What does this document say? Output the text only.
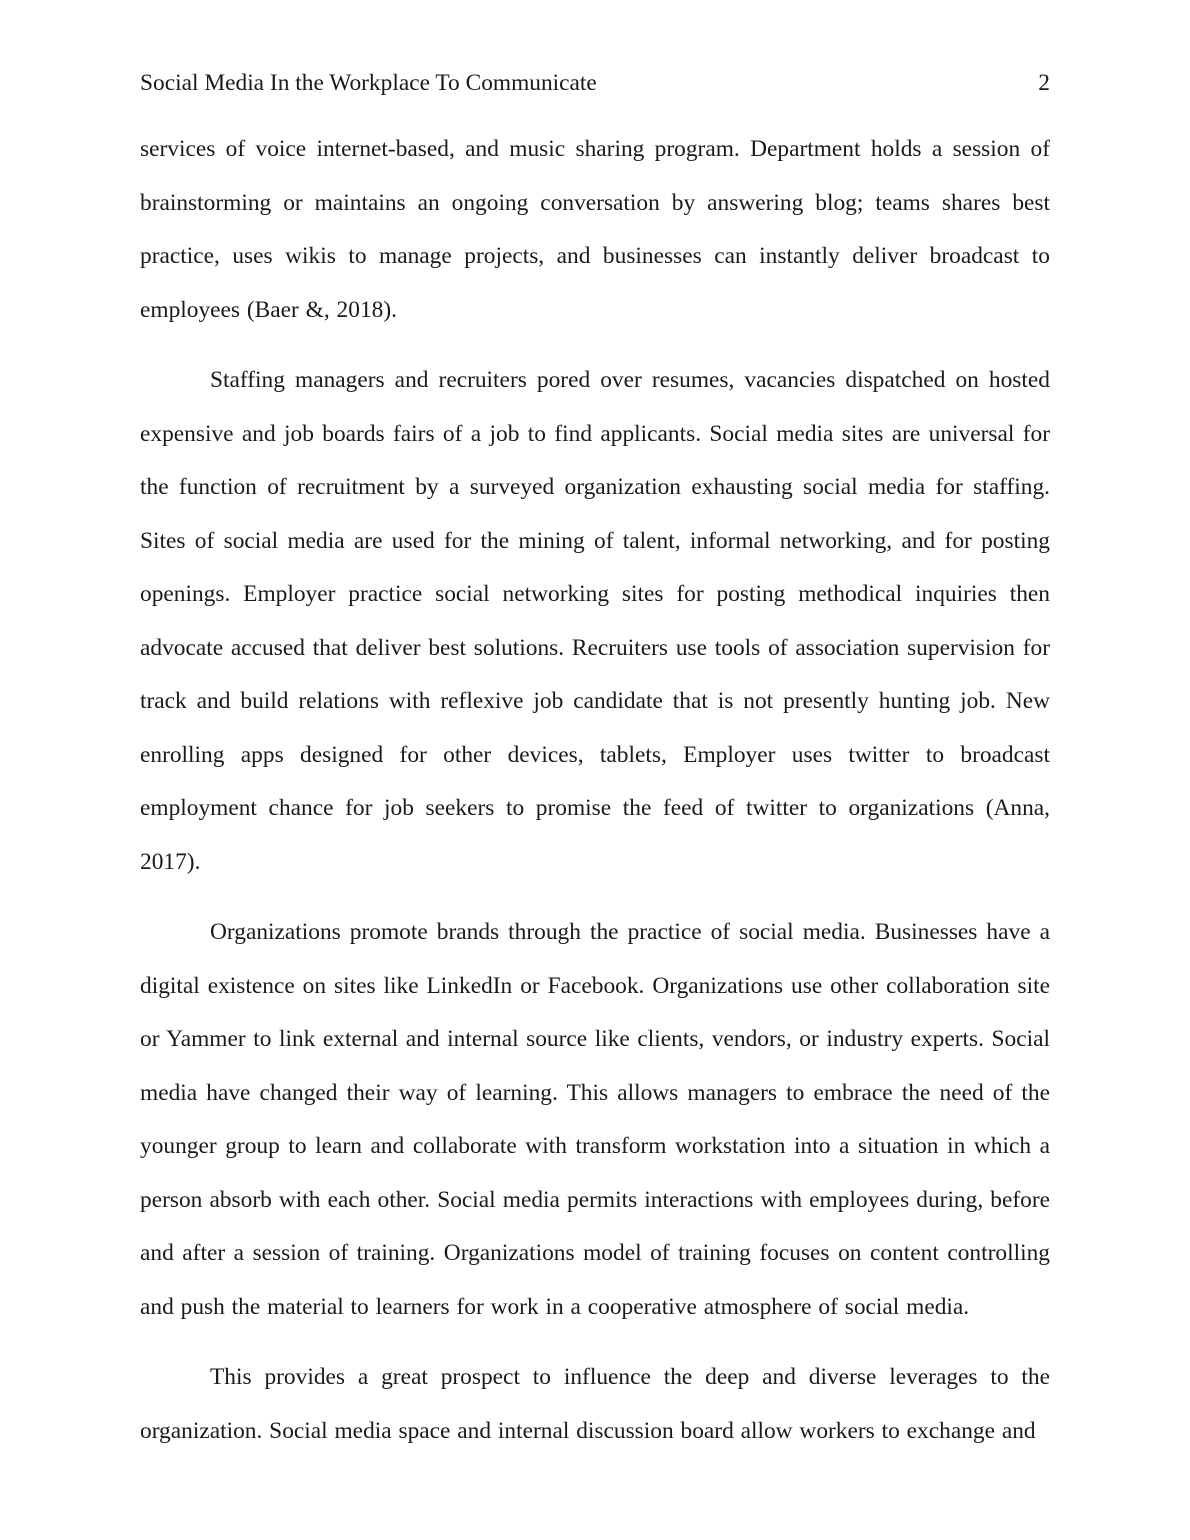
Social Media In the Workplace To Communicate	2

services of voice internet-based, and music sharing program. Department holds a session of brainstorming or maintains an ongoing conversation by answering blog; teams shares best practice, uses wikis to manage projects, and businesses can instantly deliver broadcast to employees (Baer &, 2018).

Staffing managers and recruiters pored over resumes, vacancies dispatched on hosted expensive and job boards fairs of a job to find applicants. Social media sites are universal for the function of recruitment by a surveyed organization exhausting social media for staffing. Sites of social media are used for the mining of talent, informal networking, and for posting openings. Employer practice social networking sites for posting methodical inquiries then advocate accused that deliver best solutions. Recruiters use tools of association supervision for track and build relations with reflexive job candidate that is not presently hunting job. New enrolling apps designed for other devices, tablets, Employer uses twitter to broadcast employment chance for job seekers to promise the feed of twitter to organizations (Anna, 2017).

Organizations promote brands through the practice of social media. Businesses have a digital existence on sites like LinkedIn or Facebook. Organizations use other collaboration site or Yammer to link external and internal source like clients, vendors, or industry experts. Social media have changed their way of learning. This allows managers to embrace the need of the younger group to learn and collaborate with transform workstation into a situation in which a person absorb with each other. Social media permits interactions with employees during, before and after a session of training. Organizations model of training focuses on content controlling and push the material to learners for work in a cooperative atmosphere of social media.

This provides a great prospect to influence the deep and diverse leverages to the organization. Social media space and internal discussion board allow workers to exchange and
